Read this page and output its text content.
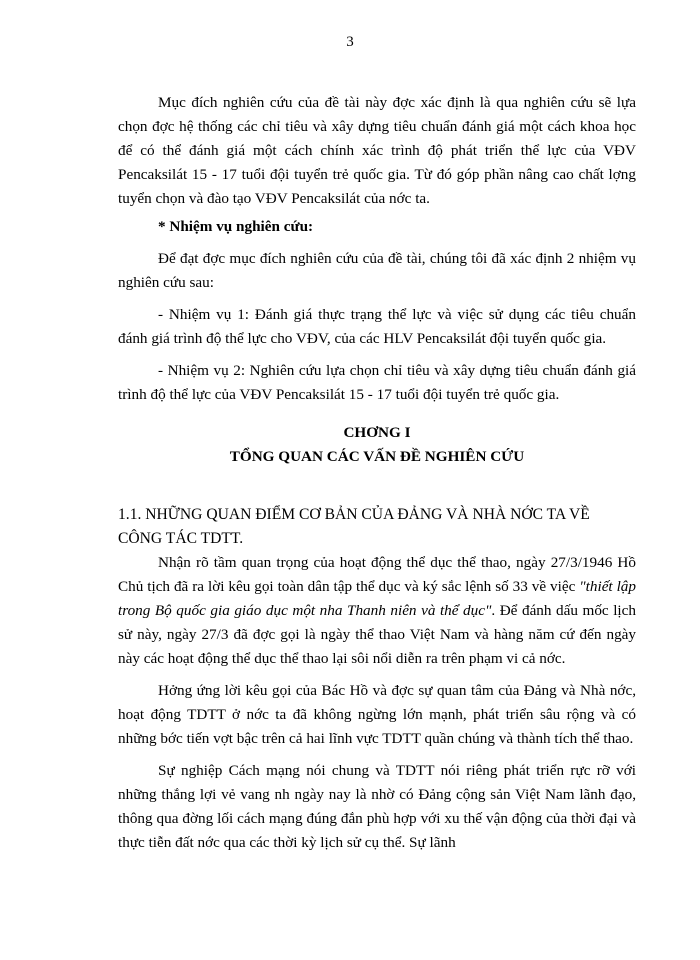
3

Mục đích nghiên cứu của đề tài này đợc xác định là qua nghiên cứu sẽ lựa chọn đợc hệ thống các chỉ tiêu và xây dựng tiêu chuẩn đánh giá một cách khoa học để có thể đánh giá một cách chính xác trình độ phát triển thể lực của VĐV Pencaksilát 15 - 17 tuổi đội tuyển trẻ quốc gia. Từ đó góp phần nâng cao chất lợng tuyển chọn và đào tạo VĐV Pencaksilát của nớc ta.

* Nhiệm vụ nghiên cứu:

Để đạt đợc mục đích nghiên cứu của đề tài, chúng tôi đã xác định 2 nhiệm vụ nghiên cứu sau:

- Nhiệm vụ 1: Đánh giá thực trạng thể lực và việc sử dụng các tiêu chuẩn đánh giá trình độ thể lực cho VĐV, của các HLV Pencaksilát đội tuyển quốc gia.

- Nhiệm vụ 2: Nghiên cứu lựa chọn chỉ tiêu và xây dựng tiêu chuẩn đánh giá trình độ thể lực của VĐV Pencaksilát 15 - 17 tuổi đội tuyển trẻ quốc gia.

CHƠNG I

TỔNG QUAN CÁC VẤN ĐỀ NGHIÊN CỨU

1.1. NHỮNG QUAN ĐIỂM CƠ BẢN CỦA ĐẢNG VÀ NHÀ NỚC TA VỀ CÔNG TÁC TDTT.

Nhận rõ tầm quan trọng của hoạt động thể dục thể thao, ngày 27/3/1946 Hồ Chủ tịch đã ra lời kêu gọi toàn dân tập thể dục và ký sắc lệnh số 33 về việc "thiết lập trong Bộ quốc gia giáo dục một nha Thanh niên và thể dục". Để đánh dấu mốc lịch sử này, ngày 27/3 đã đợc gọi là ngày thể thao Việt Nam và hàng năm cứ đến ngày này các hoạt động thể dục thể thao lại sôi nổi diễn ra trên phạm vi cả nớc.

Hởng ứng lời kêu gọi của Bác Hồ và đợc sự quan tâm của Đảng và Nhà nớc, hoạt động TDTT ở nớc ta đã không ngừng lớn mạnh, phát triển sâu rộng và có những bớc tiến vợt bậc trên cả hai lĩnh vực TDTT quần chúng và thành tích thể thao.

Sự nghiệp Cách mạng nói chung và TDTT nói riêng phát triển rực rỡ với những thắng lợi vẻ vang nh ngày nay là nhờ có Đảng cộng sản Việt Nam lãnh đạo, thông qua đờng lối cách mạng đúng đắn phù hợp với xu thế vận động của thời đại và thực tiễn đất nớc qua các thời kỳ lịch sử cụ thể. Sự lãnh
